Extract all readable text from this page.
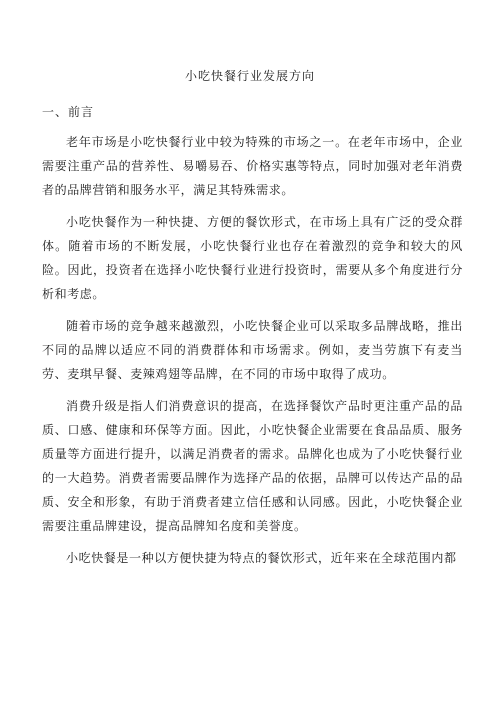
小吃快餐行业发展方向
一、前言

老年市场是小吃快餐行业中较为特殊的市场之一。在老年市场中，企业需要注重产品的营养性、易嚼易吞、价格实惠等特点，同时加强对老年消费者的品牌营销和服务水平，满足其特殊需求。

小吃快餐作为一种快捷、方便的餐饮形式，在市场上具有广泛的受众群体。随着市场的不断发展，小吃快餐行业也存在着激烈的竞争和较大的风险。因此，投资者在选择小吃快餐行业进行投资时，需要从多个角度进行分析和考虑。

随着市场的竞争越来越激烈，小吃快餐企业可以采取多品牌战略，推出不同的品牌以适应不同的消费群体和市场需求。例如，麦当劳旗下有麦当劳、麦琪早餐、麦辣鸡翅等品牌，在不同的市场中取得了成功。

消费升级是指人们消费意识的提高，在选择餐饮产品时更注重产品的品质、口感、健康和环保等方面。因此，小吃快餐企业需要在食品品质、服务质量等方面进行提升，以满足消费者的需求。品牌化也成为了小吃快餐行业的一大趋势。消费者需要品牌作为选择产品的依据，品牌可以传达产品的品质、安全和形象，有助于消费者建立信任感和认同感。因此，小吃快餐企业需要注重品牌建设，提高品牌知名度和美誉度。

小吃快餐是一种以方便快捷为特点的餐饮形式，近年来在全球范围内都
